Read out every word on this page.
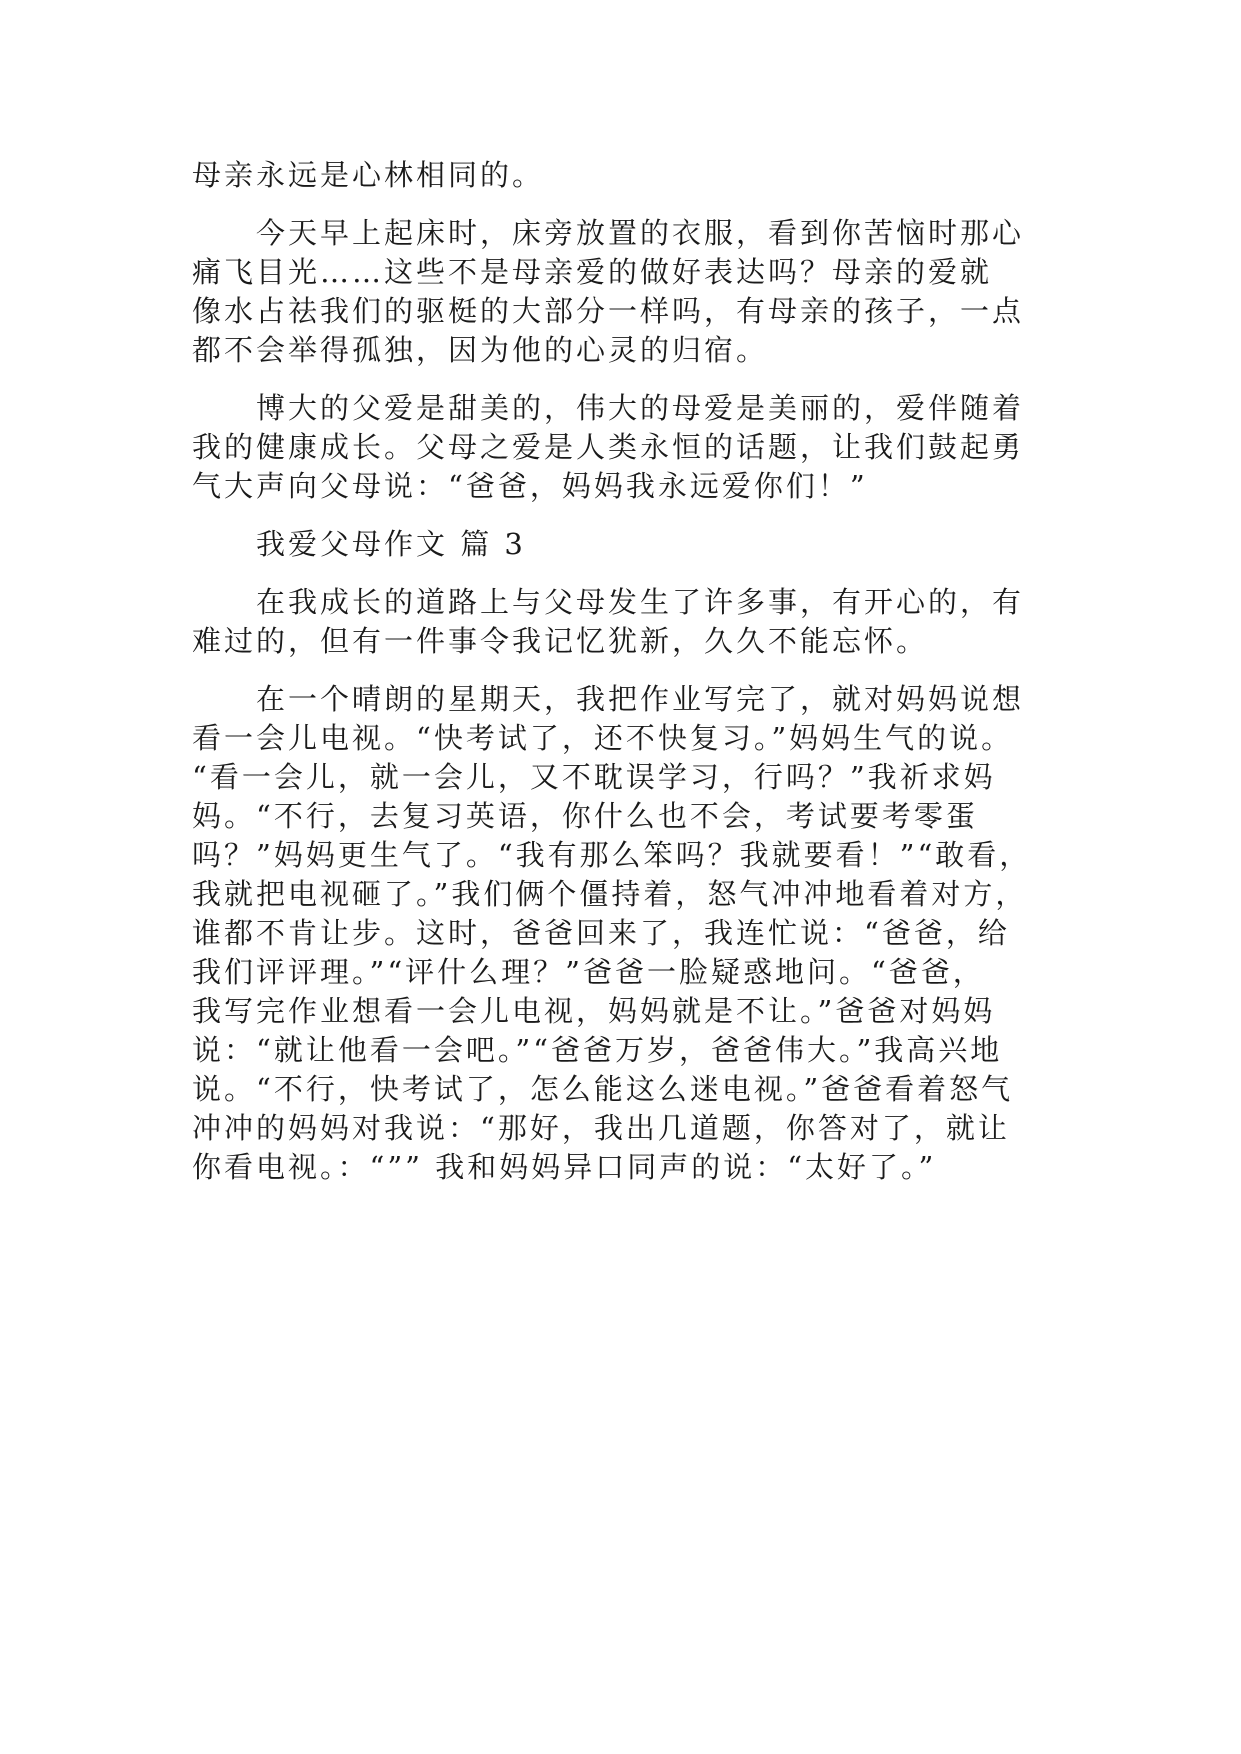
母亲永远是心林相同的。

今天早上起床时，床旁放置的衣服，看到你苦恼时那心

痛飞目光……这些不是母亲爱的做好表达吗？母亲的爱就

像水占祛我们的驱梃的大部分一样吗，有母亲的孩子，一点

都不会举得孤独，因为他的心灵的归宿。

博大的父爱是甜美的，伟大的母爱是美丽的，爱伴随着

我的健康成长。父母之爱是人类永恒的话题，让我们鼓起勇

气大声向父母说：“爸爸，妈妈我永远爱你们！”

我爱父母作文 篇 3

在我成长的道路上与父母发生了许多事，有开心的，有

难过的，但有一件事令我记忆犹新，久久不能忘怀。

在一个晴朗的星期天，我把作业写完了，就对妈妈说想

看一会儿电视。“快考试了，还不快复习。”妈妈生气的说。

“看一会儿，就一会儿，又不耽误学习，行吗？”我祈求妈

妈。“不行，去复习英语，你什么也不会，考试要考零蛋

吗？”妈妈更生气了。“我有那么笨吗？我就要看！”“敢看，

我就把电视砸了。”我们俩个僵持着，怒气冲冲地看着对方，

谁都不肯让步。这时，爸爸回来了，我连忙说：“爸爸，给

我们评评理。”“评什么理？”爸爸一脸疑惑地问。“爸爸，

我写完作业想看一会儿电视，妈妈就是不让。”爸爸对妈妈

说：“就让他看一会吧。”“爸爸万岁，爸爸伟大。”我高兴地

说。“不行，快考试了，怎么能这么迷电视。”爸爸看着怒气

冲冲的妈妈对我说：“那好，我出几道题，你答对了，就让

你看电视。：“”” 我和妈妈异口同声的说：“太好了。”
